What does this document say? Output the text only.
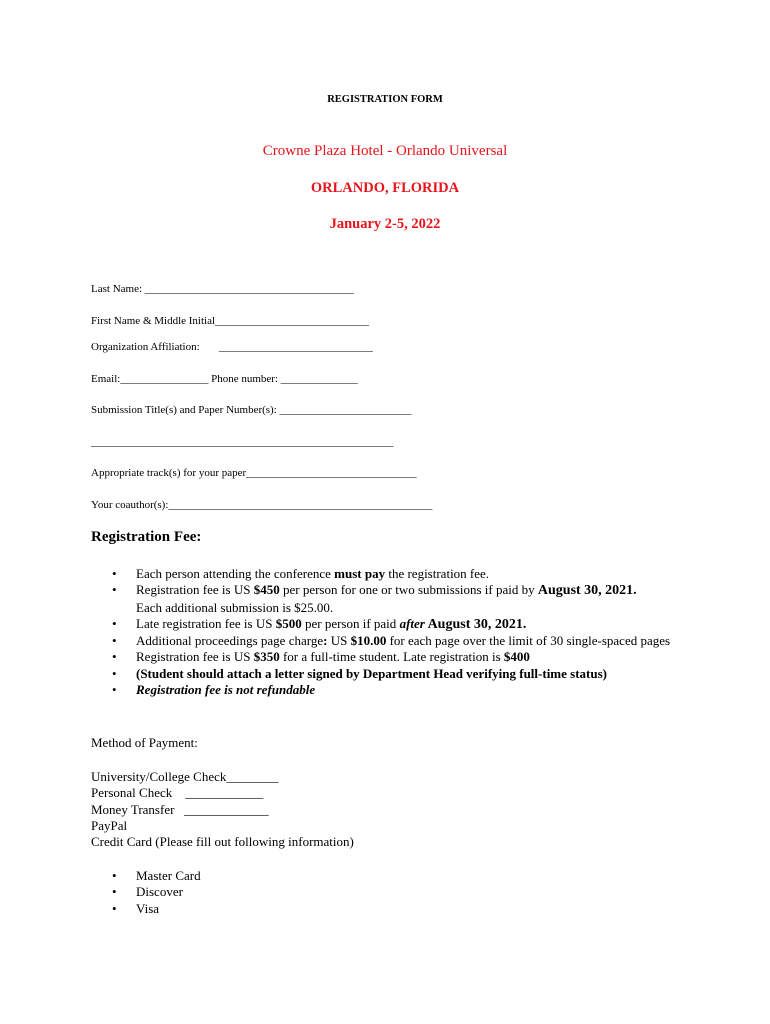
REGISTRATION FORM
Crowne Plaza Hotel - Orlando Universal
ORLANDO, FLORIDA
January 2-5, 2022
Last Name: ______________________________________
First Name & Middle Initial____________________________
Organization Affiliation:       ____________________________
Email:________________ Phone number: ______________
Submission Title(s) and Paper Number(s): ________________________
_______________________________________________________
Appropriate track(s) for your paper_______________________________
Your coauthor(s):________________________________________________
Registration Fee:
• Each person attending the conference must pay the registration fee.
• Registration fee is US $450 per person for one or two submissions if paid by August 30, 2021.
Each additional submission is $25.00.
• Late registration fee is US $500 per person if paid after August 30, 2021.
• Additional proceedings page charge: US $10.00 for each page over the limit of 30 single-spaced pages
• Registration fee is US $350 for a full-time student. Late registration is $400
• (Student should attach a letter signed by Department Head verifying full-time status)
• Registration fee is not refundable
Method of Payment:
University/College Check________
Personal Check    ____________
Money Transfer   _____________
PayPal
Credit Card (Please fill out following information)
• Master Card
• Discover
• Visa
